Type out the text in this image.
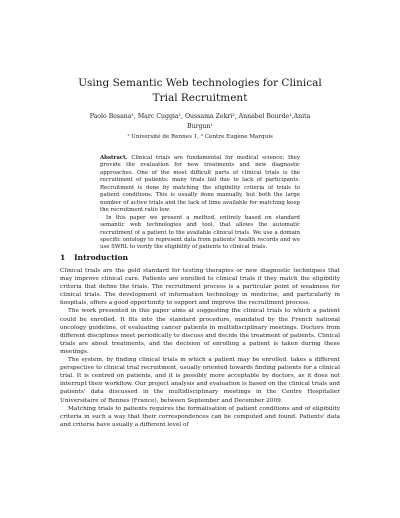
Using Semantic Web technologies for Clinical
Trial Recruitment
Paolo Besana¹, Marc Cuggia¹, Oussama Zekri², Annabel Bourde¹,Anita
Burgun¹
¹ Université de Rennes 1, ² Centre Eugène Marquis

Abstract. Clinical trials are fundamental for medical science: they provide the evaluation for new treatments and new diagnostic approaches. One of the most difficult parts of clinical trials is the recruitment of patients: many trials fail due to lack of participants. Recruitment is done by matching the eligibility criteria of trials to patient conditions. This is usually done manually, but both the large number of active trials and the lack of time available for matching keep the recruitment ratio low.

In this paper we present a method, entirely based on standard semantic web technologies and tool, that allows the automatic recruitment of a patient to the available clinical trials. We use a domain specific ontology to represent data from patients' health records and we use SWRL to verify the eligibility of patients to clinical trials.

1 Introduction

Clinical trials are the gold standard for testing therapies or new diagnostic techniques that may improve clinical care. Patients are enrolled to clinical trials if they match the eligibility criteria that define the trials. The recruitment process is a particular point of weakness for clinical trials. The development of information technology in medicine, and particularly in hospitals, offers a good opportunity to support and improve the recruitment process.

The work presented in this paper aims at suggesting the clinical trials to which a patient could be enrolled. It fits into the standard procedure, mandated by the French national oncology guideline, of evaluating cancer patients in multidisciplinary meetings. Doctors from different disciplines meet periodically to discuss and decide the treatment of patients. Clinical trials are about treatments, and the decision of enrolling a patient is taken during these meetings.

The system, by finding clinical trials in which a patient may be enrolled, takes a different perspective to clinical trial recruitment, usually oriented towards finding patients for a clinical trial. It is centred on patients, and it is possibly more acceptable by doctors, as it does not interrupt their workflow. Our project analysis and evaluation is based on the clinical trials and patients' data discussed in the multidisciplinary meetings in the Centre Hospitalier Universitaire of Rennes (France), between September and December 2009.

Matching trials to patients requires the formalisation of patient conditions and of eligibility criteria in such a way that their correspondences can be computed and found. Patients' data and criteria have usually a different level of
